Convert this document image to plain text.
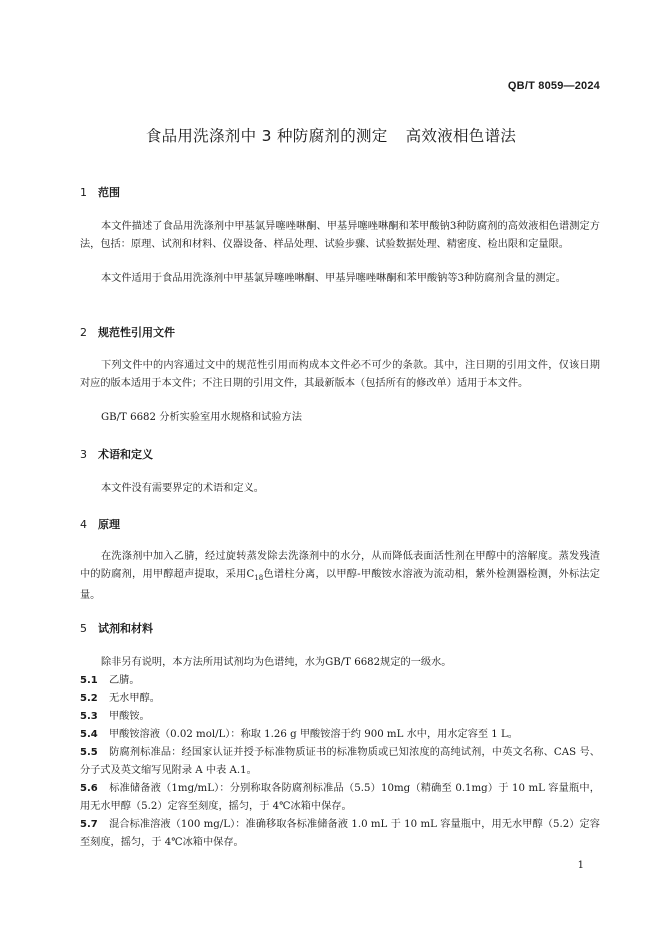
QB/T 8059—2024
食品用洗涤剂中 3 种防腐剂的测定 高效液相色谱法
1 范围
本文件描述了食品用洗涤剂中甲基氯异噻唑啉酮、甲基异噻唑啉酮和苯甲酸钠3种防腐剂的高效液相色谱测定方法，包括：原理、试剂和材料、仪器设备、样品处理、试验步骤、试验数据处理、精密度、检出限和定量限。
本文件适用于食品用洗涤剂中甲基氯异噻唑啉酮、甲基异噻唑啉酮和苯甲酸钠等3种防腐剂含量的测定。
2 规范性引用文件
下列文件中的内容通过文中的规范性引用而构成本文件必不可少的条款。其中，注日期的引用文件，仅该日期对应的版本适用于本文件；不注日期的引用文件，其最新版本（包括所有的修改单）适用于本文件。
GB/T 6682 分析实验室用水规格和试验方法
3 术语和定义
本文件没有需要界定的术语和定义。
4 原理
在洗涤剂中加入乙腈，经过旋转蒸发除去洗涤剂中的水分，从而降低表面活性剂在甲醇中的溶解度。蒸发残渣中的防腐剂，用甲醇超声提取，采用$C_{18}$色谱柱分离，以甲醇-甲酸铵水溶液为流动相，紫外检测器检测，外标法定量。
5 试剂和材料
除非另有说明，本方法所用试剂均为色谱纯，水为GB/T 6682规定的一级水。
5.1 乙腈。
5.2 无水甲醇。
5.3 甲酸铵。
5.4 甲酸铵溶液（0.02 mol/L）：称取 1.26 g 甲酸铵溶于约 900 mL 水中，用水定容至 1 L。
5.5 防腐剂标准品：经国家认证并授予标准物质证书的标准物质或已知浓度的高纯试剂，中英文名称、CAS 号、分子式及英文缩写见附录 A 中表 A.1。
5.6 标准储备液（1mg/mL）：分别称取各防腐剂标准品（5.5）10mg（精确至 0.1mg）于 10 mL 容量瓶中，用无水甲醇（5.2）定容至刻度，摇匀，于 4℃冰箱中保存。
5.7 混合标准溶液（100 mg/L）：准确移取各标准储备液 1.0 mL 于 10 mL 容量瓶中，用无水甲醇（5.2）定容至刻度，摇匀，于 4℃冰箱中保存。
1
